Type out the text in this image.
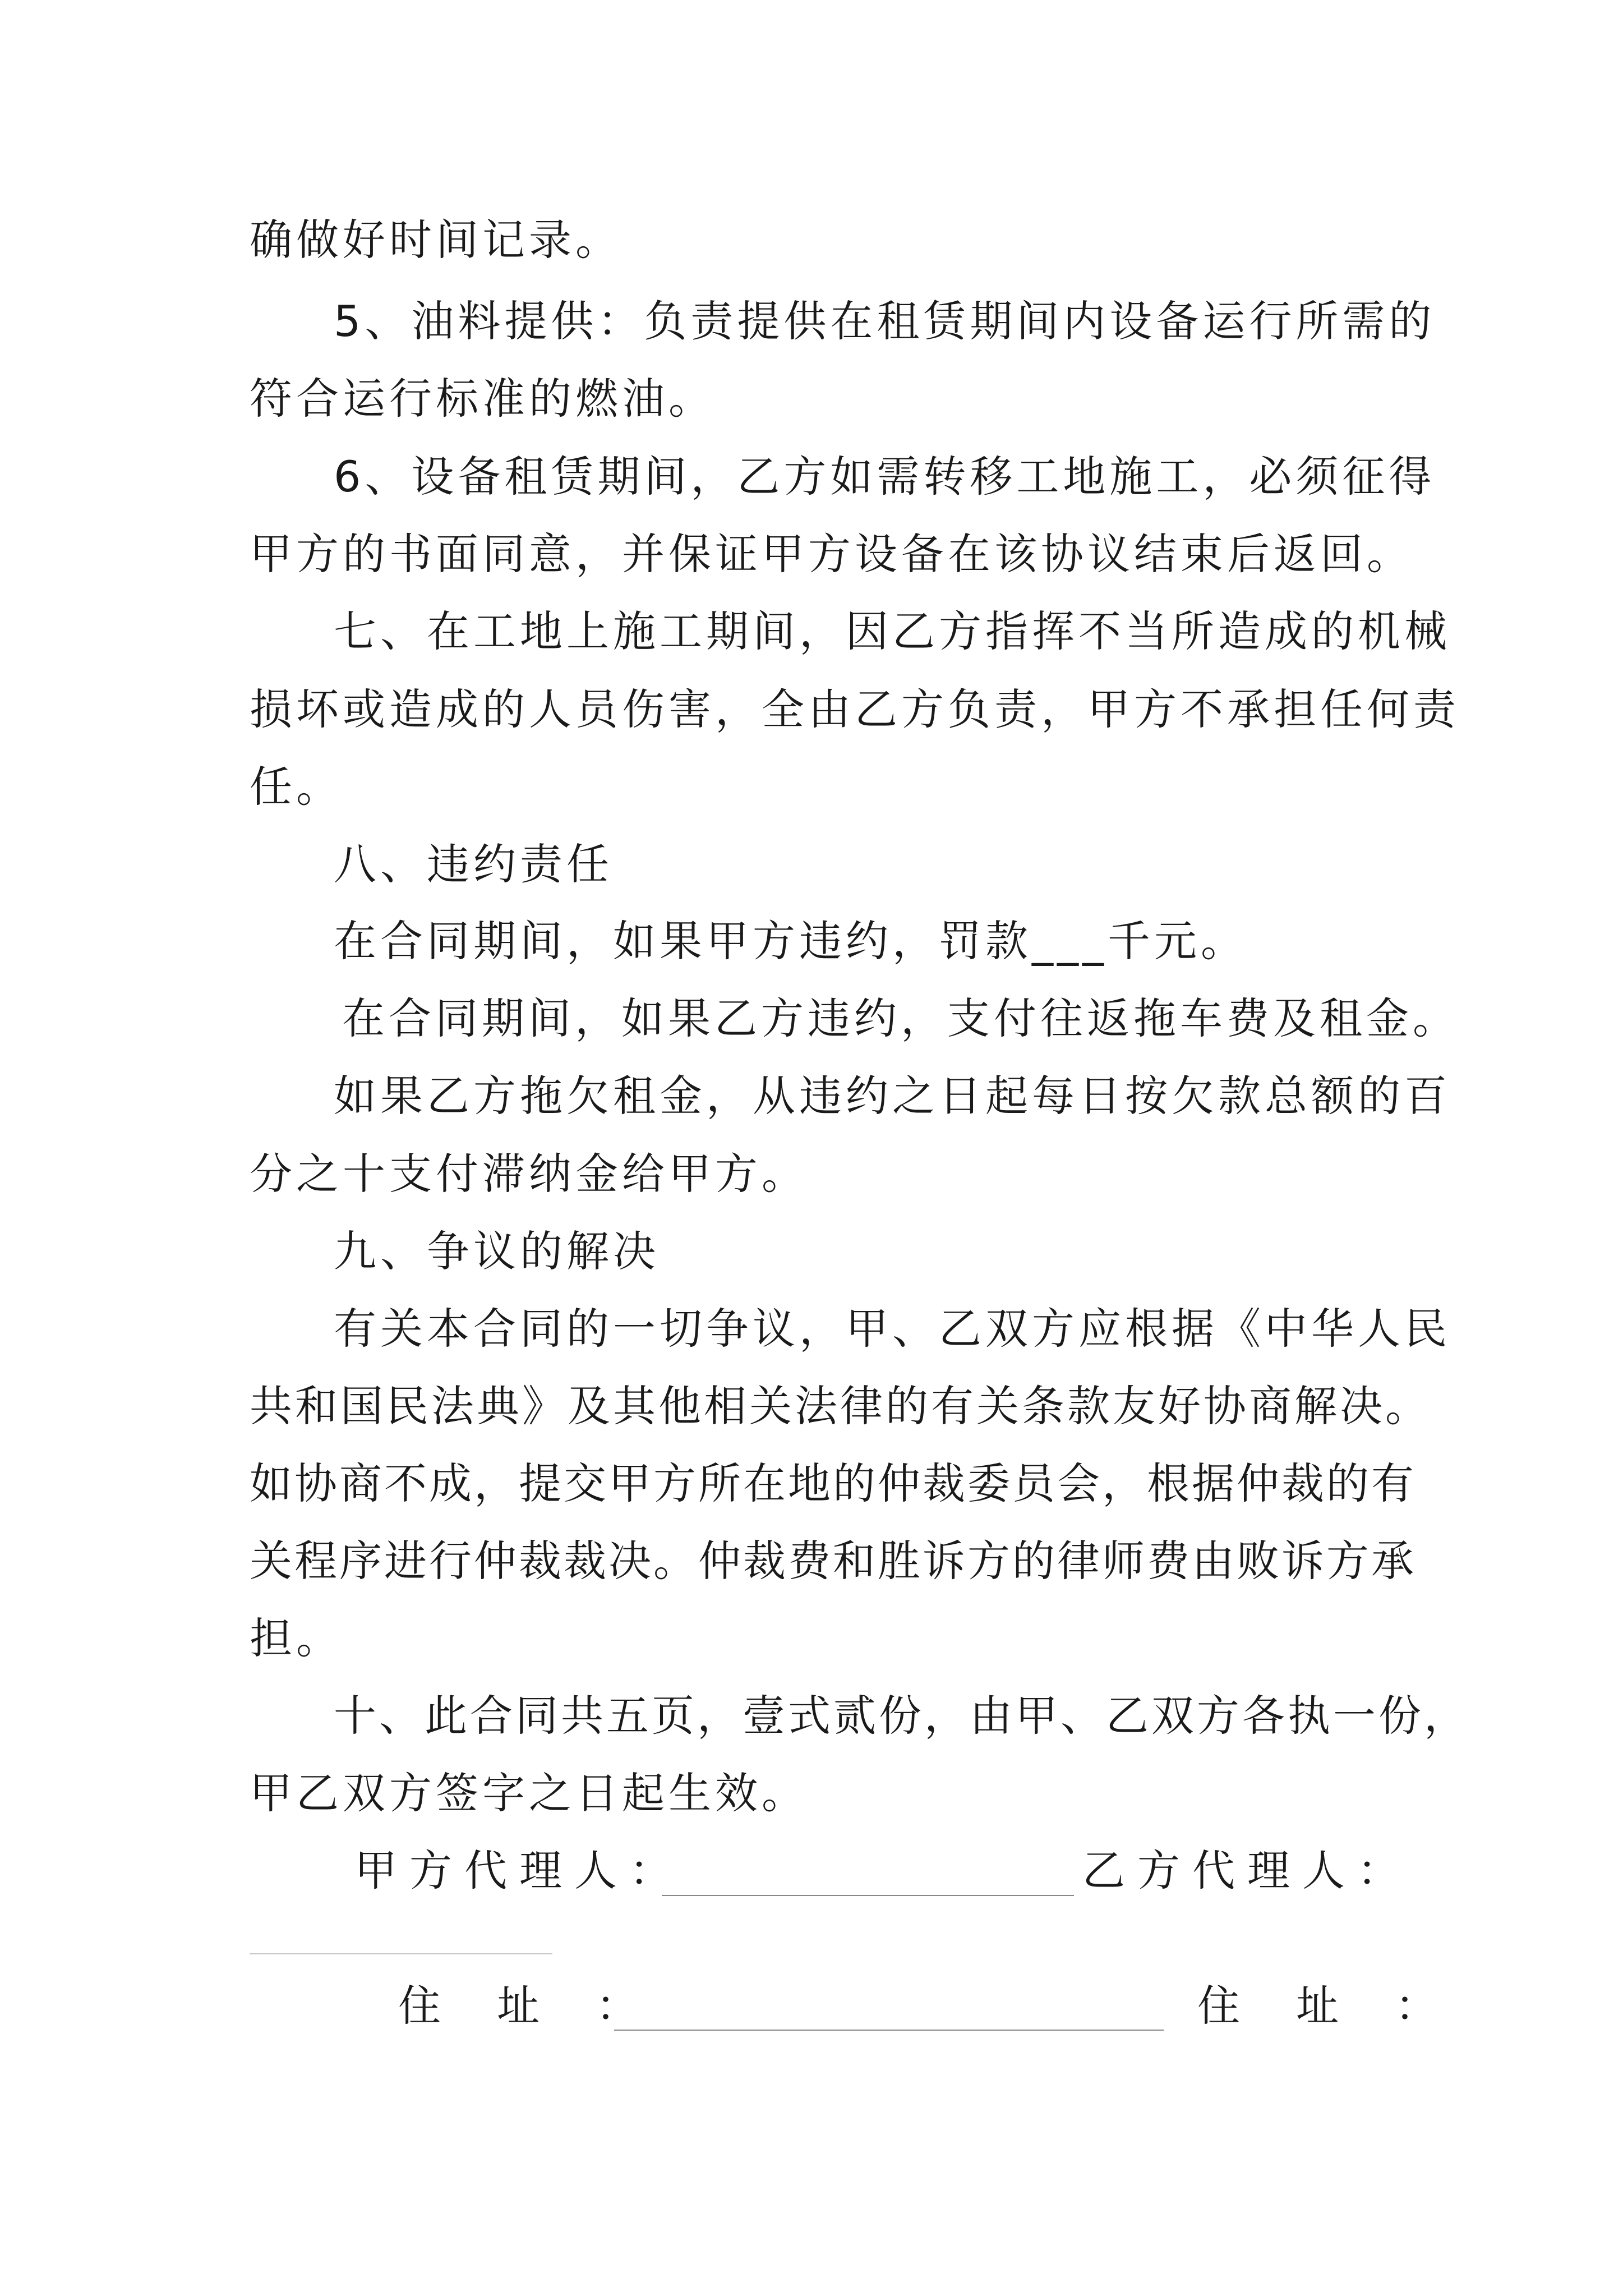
确做好时间记录。
5、油料提供：负责提供在租赁期间内设备运行所需的
符合运行标准的燃油。
6、设备租赁期间，乙方如需转移工地施工，必须征得
甲方的书面同意，并保证甲方设备在该协议结束后返回。
七、在工地上施工期间，因乙方指挥不当所造成的机械
损坏或造成的人员伤害，全由乙方负责，甲方不承担任何责
任。
八、违约责任
在合同期间，如果甲方违约，罚款___千元。
在合同期间，如果乙方违约，支付往返拖车费及租金。
如果乙方拖欠租金，从违约之日起每日按欠款总额的百
分之十支付滞纳金给甲方。
九、争议的解决
有关本合同的一切争议，甲、乙双方应根据《中华人民
共和国民法典》及其他相关法律的有关条款友好协商解决。
如协商不成，提交甲方所在地的仲裁委员会，根据仲裁的有
关程序进行仲裁裁决。仲裁费和胜诉方的律师费由败诉方承
担。
十、此合同共五页，壹式贰份，由甲、乙双方各执一份，
甲乙双方签字之日起生效。
甲方代理人：	乙方代理人：
住 址 ：	住 址 ：
